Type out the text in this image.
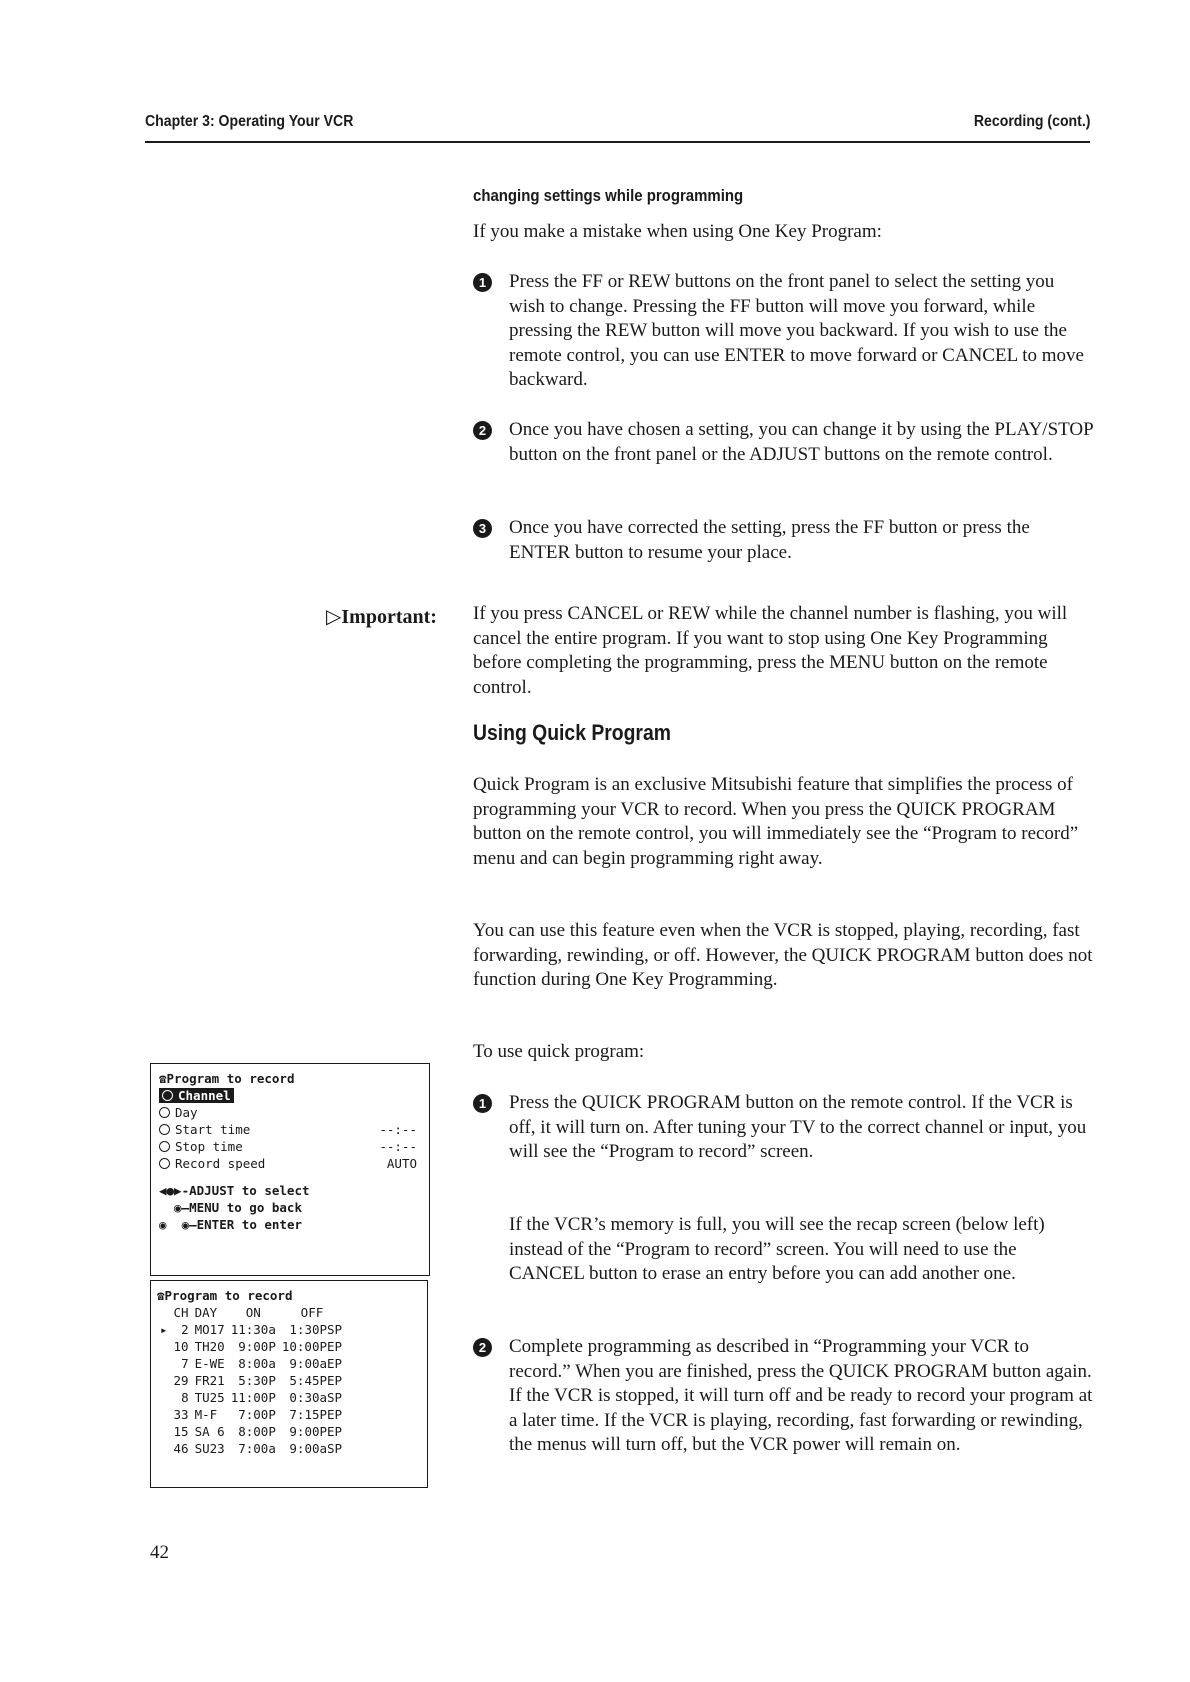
Chapter 3: Operating Your VCR	Recording (cont.)
changing settings while programming

If you make a mistake when using One Key Program:

1	Press the FF or REW buttons on the front panel to select the setting you wish to change. Pressing the FF button will move you forward, while pressing the REW button will move you backward. If you wish to use the remote control, you can use ENTER to move forward or CANCEL to move backward.

2	Once you have chosen a setting, you can change it by using the PLAY/STOP button on the front panel or the ADJUST buttons on the remote control.

3	Once you have corrected the setting, press the FF button or press the ENTER button to resume your place.

▷Important: If you press CANCEL or REW while the channel number is flashing, you will cancel the entire program. If you want to stop using One Key Programming before completing the programming, press the MENU button on the remote control.

Using Quick Program

Quick Program is an exclusive Mitsubishi feature that simplifies the process of programming your VCR to record. When you press the QUICK PROGRAM button on the remote control, you will immediately see the “Program to record” menu and can begin programming right away.

You can use this feature even when the VCR is stopped, playing, recording, fast forwarding, rewinding, or off. However, the QUICK PROGRAM button does not function during One Key Programming.

To use quick program:

1	Press the QUICK PROGRAM button on the remote control. If the VCR is off, it will turn on. After tuning your TV to the correct channel or input, you will see the “Program to record” screen.

If the VCR’s memory is full, you will see the recap screen (below left) instead of the “Program to record” screen. You will need to use the CANCEL button to erase an entry before you can add another one.

2	Complete programming as described in “Programming your VCR to record.” When you are finished, press the QUICK PROGRAM button again. If the VCR is stopped, it will turn off and be ready to record your program at a later time. If the VCR is playing, recording, fast forwarding or rewinding, the menus will turn off, but the VCR power will remain on.

☎Program to record
Channel
Day
Start time	--:--
Stop time	--:--
Record speed	AUTO
◀●▶-ADJUST to select
◉—MENU to go back
◉  ◉—ENTER to enter
☎Program to record
	CH	DAY	ON	OFF
▸	2	MO17	11:30a	1:30PSP
	10	TH20	9:00P	10:00PEP
	7	E-WE	8:00a	9:00aEP
	29	FR21	5:30P	5:45PEP
	8	TU25	11:00P	0:30aSP
	33	M-F	7:00P	7:15PEP
	15	SA 6	8:00P	9:00PEP
	46	SU23	7:00a	9:00aSP
42
